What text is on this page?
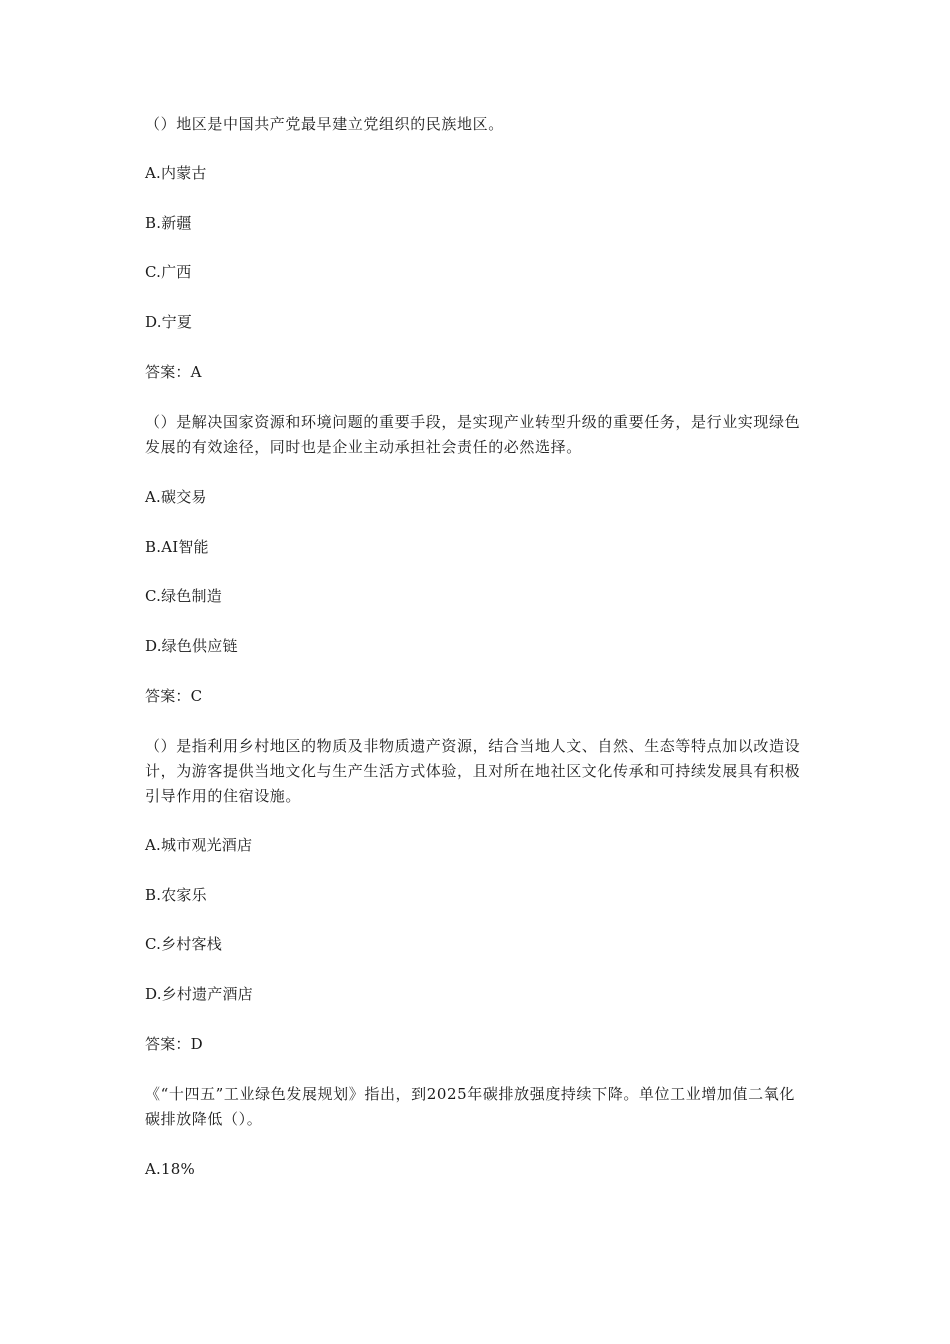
（）地区是中国共产党最早建立党组织的民族地区。
A.内蒙古
B.新疆
C.广西
D.宁夏
答案：A
（）是解决国家资源和环境问题的重要手段，是实现产业转型升级的重要任务，是行业实现绿色发展的有效途径，同时也是企业主动承担社会责任的必然选择。
A.碳交易
B.AI智能
C.绿色制造
D.绿色供应链
答案：C
（）是指利用乡村地区的物质及非物质遗产资源，结合当地人文、自然、生态等特点加以改造设计，为游客提供当地文化与生产生活方式体验，且对所在地社区文化传承和可持续发展具有积极引导作用的住宿设施。
A.城市观光酒店
B.农家乐
C.乡村客栈
D.乡村遗产酒店
答案：D
《“十四五”工业绿色发展规划》指出，到2025年碳排放强度持续下降。单位工业增加值二氧化碳排放降低（）。
A.18%
